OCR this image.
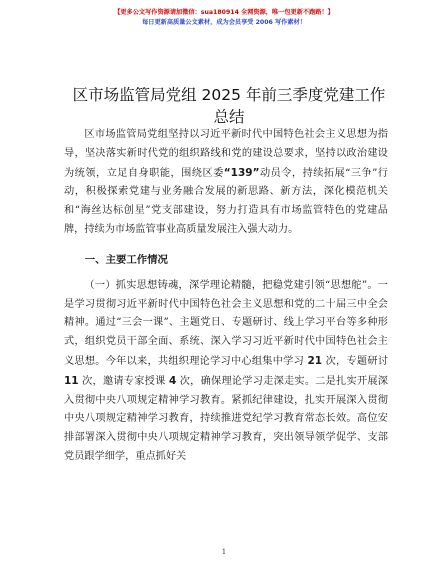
【更多公文写作资源请加微信：sua180914 全网资源，唯一包更新不跑路！】
每日更新高质量公文素材，成为会员享受 2006 写作素材！
区市场监管局党组 2025 年前三季度党建工作总结

区市场监管局党组坚持以习近平新时代中国特色社会主义思想为指导，坚决落实新时代党的组织路线和党的建设总要求，坚持以政治建设为统领，立足自身职能，围绕区委“139”动员令，持续拓展“三争”行动，积极探索党建与业务融合发展的新思路、新方法，深化模范机关和“海丝达标创星”党支部建设，努力打造具有市场监管特色的党建品牌，持续为市场监管事业高质量发展注入强大动力。

一、主要工作情况

（一）抓实思想铸魂，深学理论精髓，把稳党建引领“思想舵”。一是学习贯彻习近平新时代中国特色社会主义思想和党的二十届三中全会精神。通过“三会一课”、主题党日、专题研讨、线上学习平台等多种形式，组织党员干部全面、系统、深入学习习近平新时代中国特色社会主义思想。今年以来，共组织理论学习中心组集中学习 21 次，专题研讨 11 次，邀请专家授课 4 次，确保理论学习走深走实。二是扎实开展深入贯彻中央八项规定精神学习教育。紧抓纪律建设，扎实开展深入贯彻中央八项规定精神学习教育，持续推进党纪学习教育常态长效。高位安排部署深入贯彻中央八项规定精神学习教育，突出领导领学促学、支部党员跟学细学，重点抓好关

1
